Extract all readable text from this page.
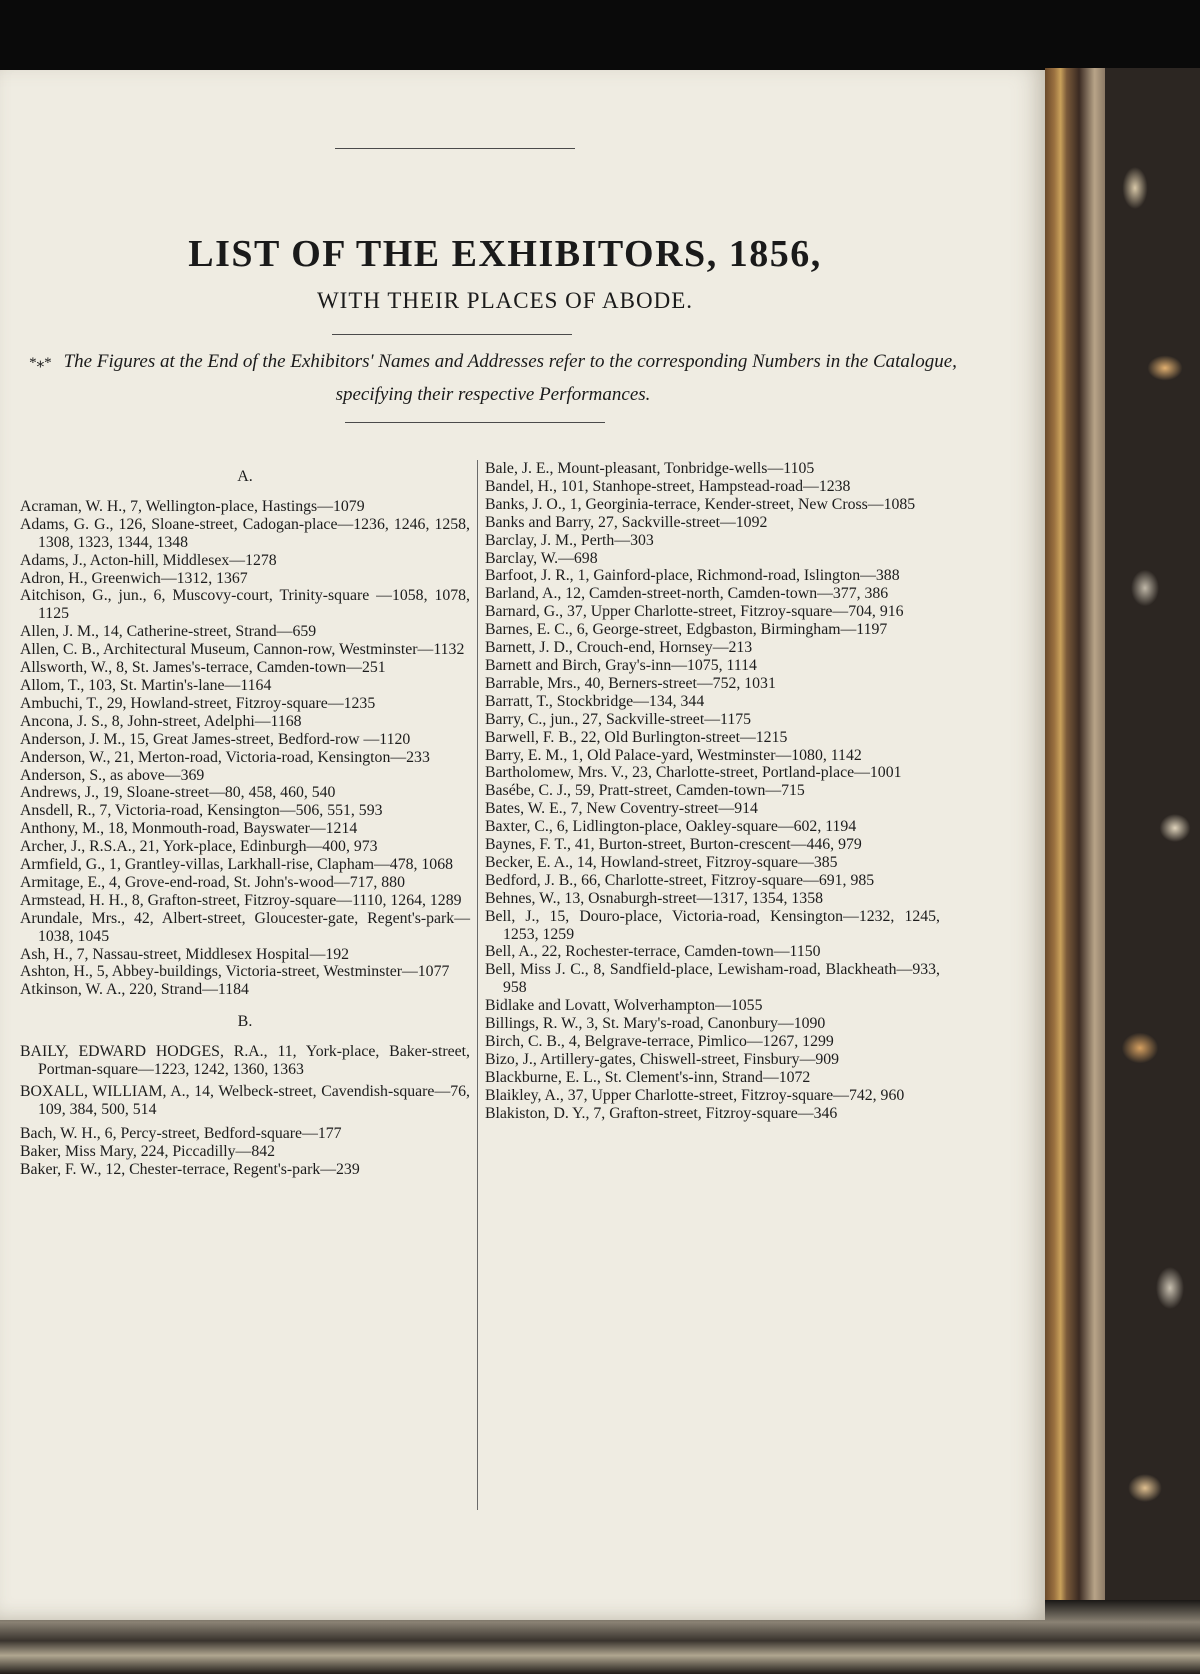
LIST OF THE EXHIBITORS, 1856,
WITH THEIR PLACES OF ABODE.
*⁎* The Figures at the End of the Exhibitors' Names and Addresses refer to the corresponding Numbers in the Catalogue, specifying their respective Performances.
A.
Acraman, W. H., 7, Wellington-place, Hastings—1079
Adams, G. G., 126, Sloane-street, Cadogan-place—1236, 1246, 1258, 1308, 1323, 1344, 1348
Adams, J., Acton-hill, Middlesex—1278
Adron, H., Greenwich—1312, 1367
Aitchison, G., jun., 6, Muscovy-court, Trinity-square —1058, 1078, 1125
Allen, J. M., 14, Catherine-street, Strand—659
Allen, C. B., Architectural Museum, Cannon-row, Westminster—1132
Allsworth, W., 8, St. James's-terrace, Camden-town—251
Allom, T., 103, St. Martin's-lane—1164
Ambuchi, T., 29, Howland-street, Fitzroy-square—1235
Ancona, J. S., 8, John-street, Adelphi—1168
Anderson, J. M., 15, Great James-street, Bedford-row —1120
Anderson, W., 21, Merton-road, Victoria-road, Kensington—233
Anderson, S., as above—369
Andrews, J., 19, Sloane-street—80, 458, 460, 540
Ansdell, R., 7, Victoria-road, Kensington—506, 551, 593
Anthony, M., 18, Monmouth-road, Bayswater—1214
Archer, J., R.S.A., 21, York-place, Edinburgh—400, 973
Armfield, G., 1, Grantley-villas, Larkhall-rise, Clapham—478, 1068
Armitage, E., 4, Grove-end-road, St. John's-wood—717, 880
Armstead, H. H., 8, Grafton-street, Fitzroy-square—1110, 1264, 1289
Arundale, Mrs., 42, Albert-street, Gloucester-gate, Regent's-park—1038, 1045
Ash, H., 7, Nassau-street, Middlesex Hospital—192
Ashton, H., 5, Abbey-buildings, Victoria-street, Westminster—1077
Atkinson, W. A., 220, Strand—1184
B.
BAILY, EDWARD HODGES, R.A., 11, York-place, Baker-street, Portman-square—1223, 1242, 1360, 1363
BOXALL, WILLIAM, A., 14, Welbeck-street, Cavendish-square—76, 109, 384, 500, 514
Bach, W. H., 6, Percy-street, Bedford-square—177
Baker, Miss Mary, 224, Piccadilly—842
Baker, F. W., 12, Chester-terrace, Regent's-park—239
Bale, J. E., Mount-pleasant, Tonbridge-wells—1105
Bandel, H., 101, Stanhope-street, Hampstead-road—1238
Banks, J. O., 1, Georginia-terrace, Kender-street, New Cross—1085
Banks and Barry, 27, Sackville-street—1092
Barclay, J. M., Perth—303
Barclay, W.—698
Barfoot, J. R., 1, Gainford-place, Richmond-road, Islington—388
Barland, A., 12, Camden-street-north, Camden-town—377, 386
Barnard, G., 37, Upper Charlotte-street, Fitzroy-square—704, 916
Barnes, E. C., 6, George-street, Edgbaston, Birmingham—1197
Barnett, J. D., Crouch-end, Hornsey—213
Barnett and Birch, Gray's-inn—1075, 1114
Barrable, Mrs., 40, Berners-street—752, 1031
Barratt, T., Stockbridge—134, 344
Barry, C., jun., 27, Sackville-street—1175
Barwell, F. B., 22, Old Burlington-street—1215
Barry, E. M., 1, Old Palace-yard, Westminster—1080, 1142
Bartholomew, Mrs. V., 23, Charlotte-street, Portland-place—1001
Basébe, C. J., 59, Pratt-street, Camden-town—715
Bates, W. E., 7, New Coventry-street—914
Baxter, C., 6, Lidlington-place, Oakley-square—602, 1194
Baynes, F. T., 41, Burton-street, Burton-crescent—446, 979
Becker, E. A., 14, Howland-street, Fitzroy-square—385
Bedford, J. B., 66, Charlotte-street, Fitzroy-square—691, 985
Behnes, W., 13, Osnaburgh-street—1317, 1354, 1358
Bell, J., 15, Douro-place, Victoria-road, Kensington—1232, 1245, 1253, 1259
Bell, A., 22, Rochester-terrace, Camden-town—1150
Bell, Miss J. C., 8, Sandfield-place, Lewisham-road, Blackheath—933, 958
Bidlake and Lovatt, Wolverhampton—1055
Billings, R. W., 3, St. Mary's-road, Canonbury—1090
Birch, C. B., 4, Belgrave-terrace, Pimlico—1267, 1299
Bizo, J., Artillery-gates, Chiswell-street, Finsbury—909
Blackburne, E. L., St. Clement's-inn, Strand—1072
Blaikley, A., 37, Upper Charlotte-street, Fitzroy-square—742, 960
Blakiston, D. Y., 7, Grafton-street, Fitzroy-square—346
